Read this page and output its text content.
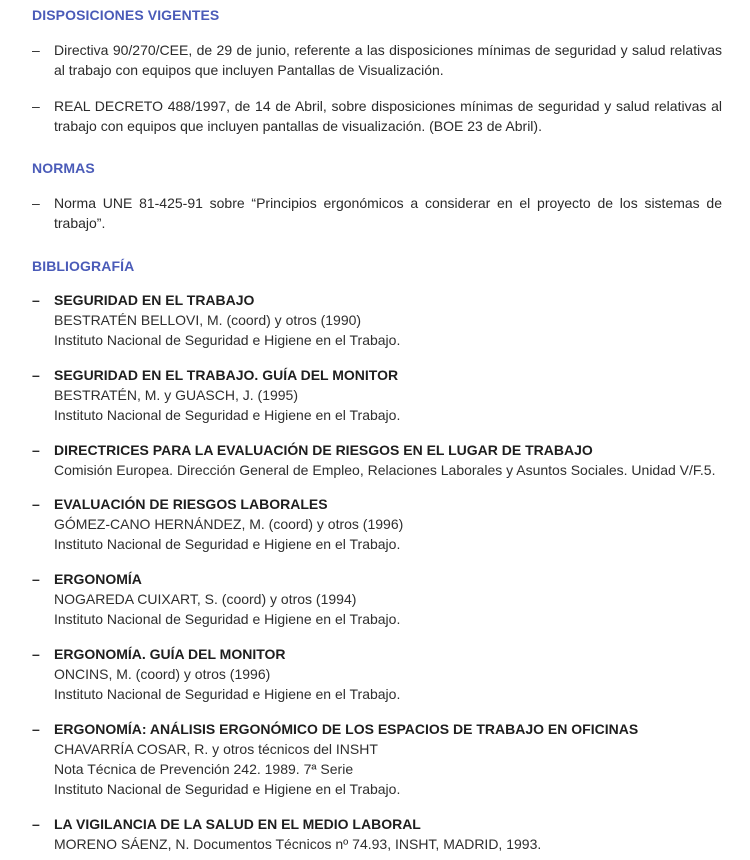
DISPOSICIONES VIGENTES
–	Directiva 90/270/CEE, de 29 de junio, referente a las disposiciones mínimas de seguridad y salud relativas al trabajo con equipos que incluyen Pantallas de Visualización.
–	REAL DECRETO 488/1997, de 14 de Abril, sobre disposiciones mínimas de seguridad y salud relativas al trabajo con equipos que incluyen pantallas de visualización. (BOE 23 de Abril).
NORMAS
–	Norma UNE 81-425-91 sobre “Principios ergonómicos a considerar en el proyecto de los sistemas de trabajo”.
BIBLIOGRAFÍA
– SEGURIDAD EN EL TRABAJO
BESTRATÉN BELLOVI, M. (coord) y otros (1990)
Instituto Nacional de Seguridad e Higiene en el Trabajo.
– SEGURIDAD EN EL TRABAJO. GUÍA DEL MONITOR
BESTRATÉN, M. y GUASCH, J. (1995)
Instituto Nacional de Seguridad e Higiene en el Trabajo.
– DIRECTRICES PARA LA EVALUACIÓN DE RIESGOS EN EL LUGAR DE TRABAJO
Comisión Europea. Dirección General de Empleo, Relaciones Laborales y Asuntos Sociales. Unidad V/F.5.
– EVALUACIÓN DE RIESGOS LABORALES
GÓMEZ-CANO HERNÁNDEZ, M. (coord) y otros (1996)
Instituto Nacional de Seguridad e Higiene en el Trabajo.
– ERGONOMÍA
NOGAREDA CUIXART, S. (coord) y otros (1994)
Instituto Nacional de Seguridad e Higiene en el Trabajo.
– ERGONOMÍA. GUÍA DEL MONITOR
ONCINS, M. (coord) y otros (1996)
Instituto Nacional de Seguridad e Higiene en el Trabajo.
– ERGONOMÍA: ANÁLISIS ERGONÓMICO DE LOS ESPACIOS DE TRABAJO EN OFICINAS
CHAVARRÍA COSAR, R. y otros técnicos del INSHT
Nota Técnica de Prevención 242. 1989. 7ª Serie
Instituto Nacional de Seguridad e Higiene en el Trabajo.
– LA VIGILANCIA DE LA SALUD EN EL MEDIO LABORAL
MORENO SÁENZ, N. Documentos Técnicos nº 74.93, INSHT, MADRID, 1993.
